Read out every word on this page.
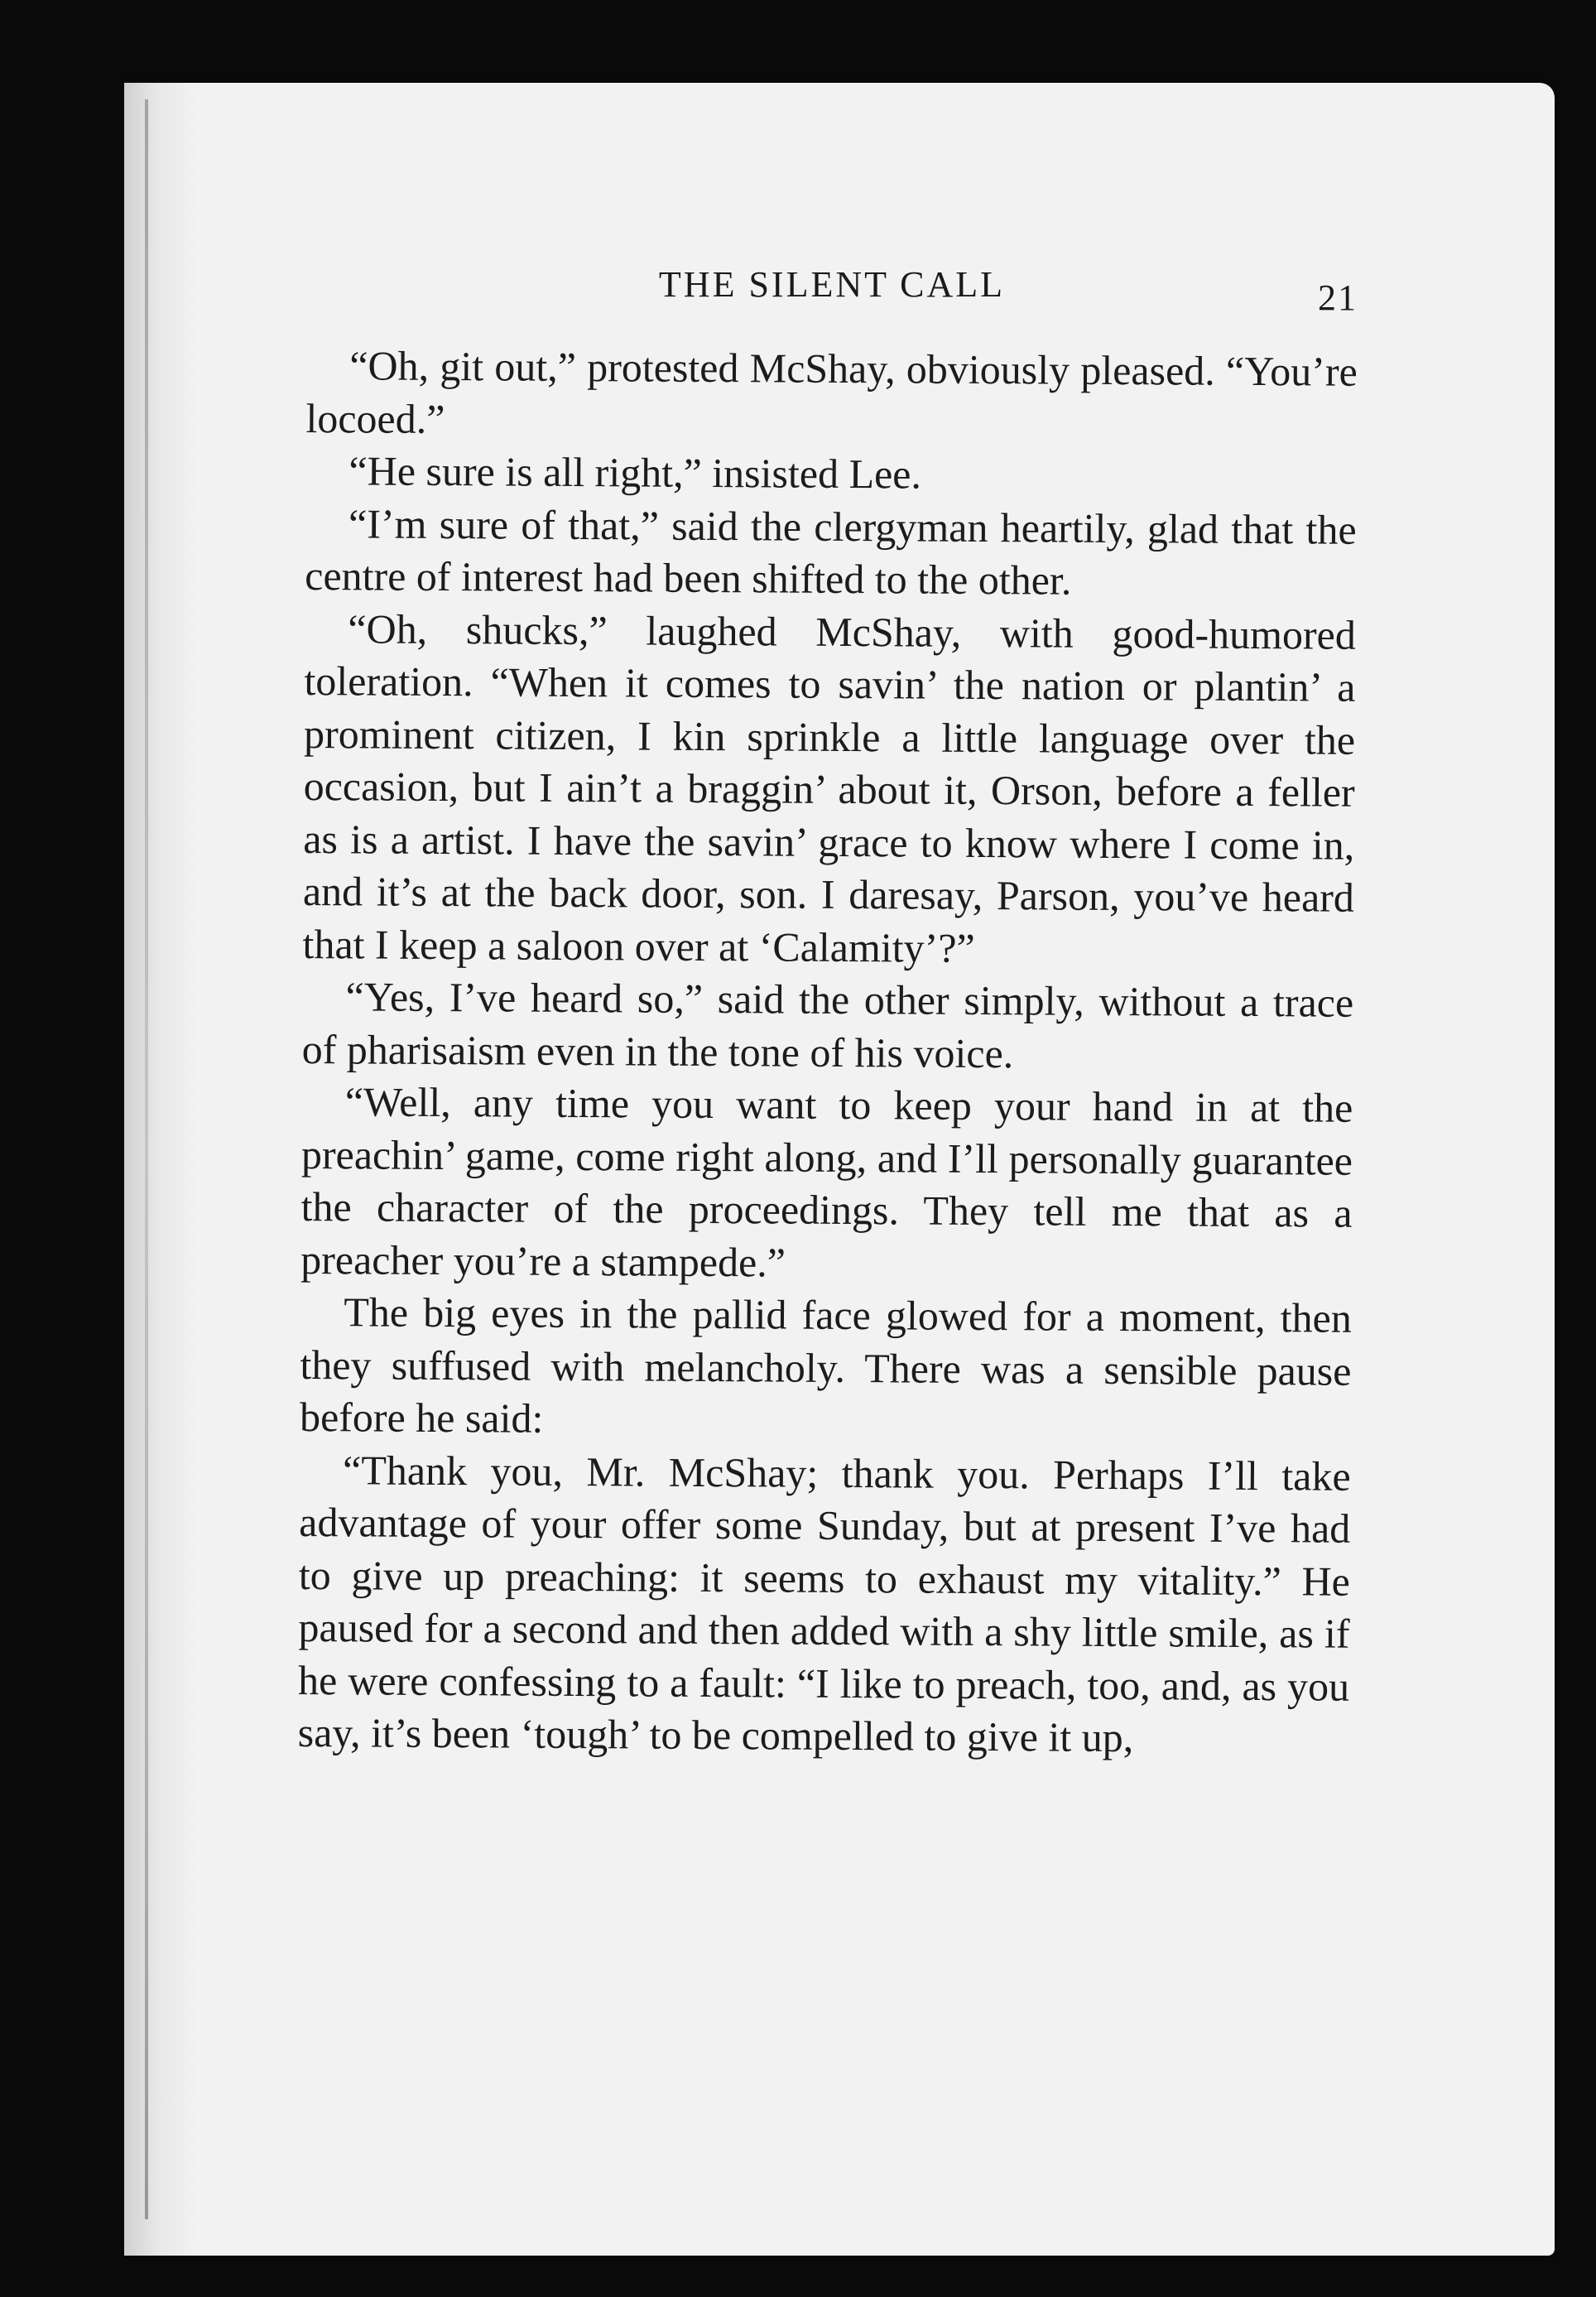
THE SILENT CALL	21

“Oh, git out,” protested McShay, obviously pleased. “You’re locoed.”

“He sure is all right,” insisted Lee.

“I’m sure of that,” said the clergyman heartily, glad that the centre of interest had been shifted to the other.

“Oh, shucks,” laughed McShay, with good-humored toleration. “When it comes to savin’ the nation or plantin’ a prominent citizen, I kin sprinkle a little language over the occasion, but I ain’t a braggin’ about it, Orson, before a feller as is a artist. I have the savin’ grace to know where I come in, and it’s at the back door, son. I daresay, Parson, you’ve heard that I keep a saloon over at ‘Calamity’?”

“Yes, I’ve heard so,” said the other simply, without a trace of pharisaism even in the tone of his voice.

“Well, any time you want to keep your hand in at the preachin’ game, come right along, and I’ll personally guarantee the character of the proceedings. They tell me that as a preacher you’re a stampede.”

The big eyes in the pallid face glowed for a moment, then they suffused with melancholy. There was a sensible pause before he said:

“Thank you, Mr. McShay; thank you. Perhaps I’ll take advantage of your offer some Sunday, but at present I’ve had to give up preaching: it seems to exhaust my vitality.” He paused for a second and then added with a shy little smile, as if he were confessing to a fault: “I like to preach, too, and, as you say, it’s been ‘tough’ to be compelled to give it up,
